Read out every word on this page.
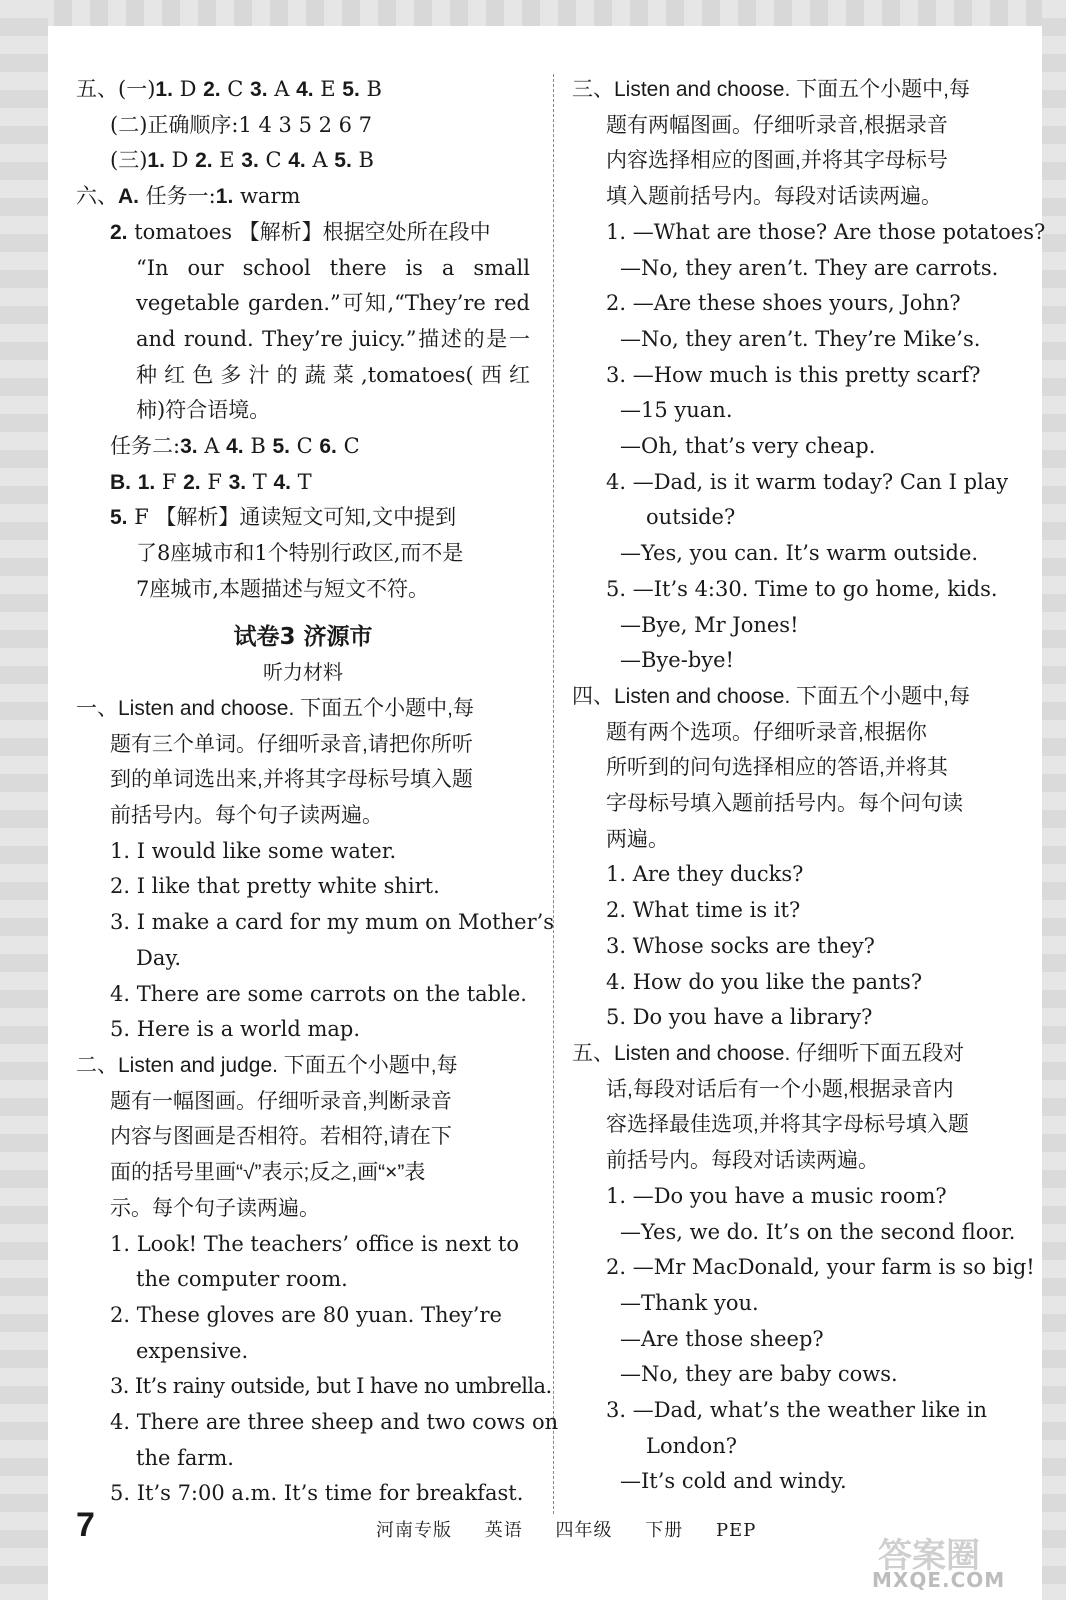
五、(一)1. D 2. C 3. A 4. E 5. B
(二)正确顺序:1 4 3 5 2 6 7
(三)1. D 2. E 3. C 4. A 5. B
六、A. 任务一:1. warm
2. tomatoes 【解析】根据空处所在段中
“In our school there is a small
vegetable garden.”可知,“They’re red
and round. They’re juicy.”描述的是一
种红色多汁的蔬菜,tomatoes(西红
柿)符合语境。
任务二:3. A 4. B 5. C 6. C
B. 1. F 2. F 3. T 4. T
5. F 【解析】通读短文可知,文中提到
了8座城市和1个特别行政区,而不是
7座城市,本题描述与短文不符。
试卷3 济源市
听力材料
一、Listen and choose. 下面五个小题中,每
题有三个单词。仔细听录音,请把你所听
到的单词选出来,并将其字母标号填入题
前括号内。每个句子读两遍。
1. I would like some water.
2. I like that pretty white shirt.
3. I make a card for my mum on Mother’s
Day.
4. There are some carrots on the table.
5. Here is a world map.
二、Listen and judge. 下面五个小题中,每
题有一幅图画。仔细听录音,判断录音
内容与图画是否相符。若相符,请在下
面的括号里画“√”表示;反之,画“×”表
示。每个句子读两遍。
1. Look! The teachers’ office is next to
the computer room.
2. These gloves are 80 yuan. They’re
expensive.
3. It’s rainy outside, but I have no umbrella.
4. There are three sheep and two cows on
the farm.
5. It’s 7:00 a.m. It’s time for breakfast.
三、Listen and choose. 下面五个小题中,每
题有两幅图画。仔细听录音,根据录音
内容选择相应的图画,并将其字母标号
填入题前括号内。每段对话读两遍。
1. —What are those? Are those potatoes?
—No, they aren’t. They are carrots.
2. —Are these shoes yours, John?
—No, they aren’t. They’re Mike’s.
3. —How much is this pretty scarf?
—15 yuan.
—Oh, that’s very cheap.
4. —Dad, is it warm today? Can I play
outside?
—Yes, you can. It’s warm outside.
5. —It’s 4:30. Time to go home, kids.
—Bye, Mr Jones!
—Bye-bye!
四、Listen and choose. 下面五个小题中,每
题有两个选项。仔细听录音,根据你
所听到的问句选择相应的答语,并将其
字母标号填入题前括号内。每个问句读
两遍。
1. Are they ducks?
2. What time is it?
3. Whose socks are they?
4. How do you like the pants?
5. Do you have a library?
五、Listen and choose. 仔细听下面五段对
话,每段对话后有一个小题,根据录音内
容选择最佳选项,并将其字母标号填入题
前括号内。每段对话读两遍。
1. —Do you have a music room?
—Yes, we do. It’s on the second floor.
2. —Mr MacDonald, your farm is so big!
—Thank you.
—Are those sheep?
—No, they are baby cows.
3. —Dad, what’s the weather like in
London?
—It’s cold and windy.
7	河南专版 英语 四年级 下册 PEP
答案圈
MXQE.COM
